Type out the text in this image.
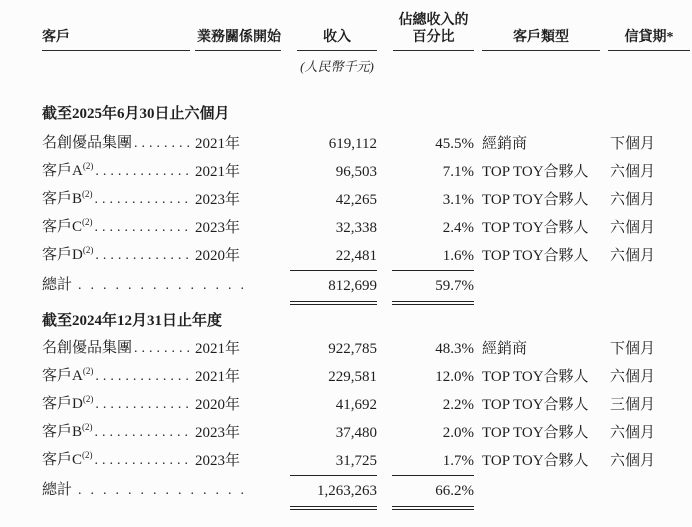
客戶	業務關係開始	收入
佔總收入的
百分比	客戶類型	信貸期*
(人民幣千元)
截至2025年6月30日止六個月
名創優品集團 ........ 2021年	619,112	45.5% 經銷商	下個月
客戶A$^{(2)}$ ............. 2021年	96,503	7.1% TOP TOY合夥人	六個月
客戶B$^{(2)}$ ............. 2023年	42,265	3.1% TOP TOY合夥人	六個月
客戶C$^{(2)}$ ............. 2023年	32,338	2.4% TOP TOY合夥人	六個月
客戶D$^{(2)}$ ............. 2020年	22,481	1.6% TOP TOY合夥人	六個月
總計 ..............	812,699	59.7%
截至2024年12月31日止年度
名創優品集團 ........ 2021年	922,785	48.3% 經銷商	下個月
客戶A$^{(2)}$ ............. 2021年	229,581	12.0% TOP TOY合夥人	六個月
客戶D$^{(2)}$ ............. 2020年	41,692	2.2% TOP TOY合夥人	三個月
客戶B$^{(2)}$ ............. 2023年	37,480	2.0% TOP TOY合夥人	六個月
客戶C$^{(2)}$ ............. 2023年	31,725	1.7% TOP TOY合夥人	六個月
總計 ..............	1,263,263	66.2%
